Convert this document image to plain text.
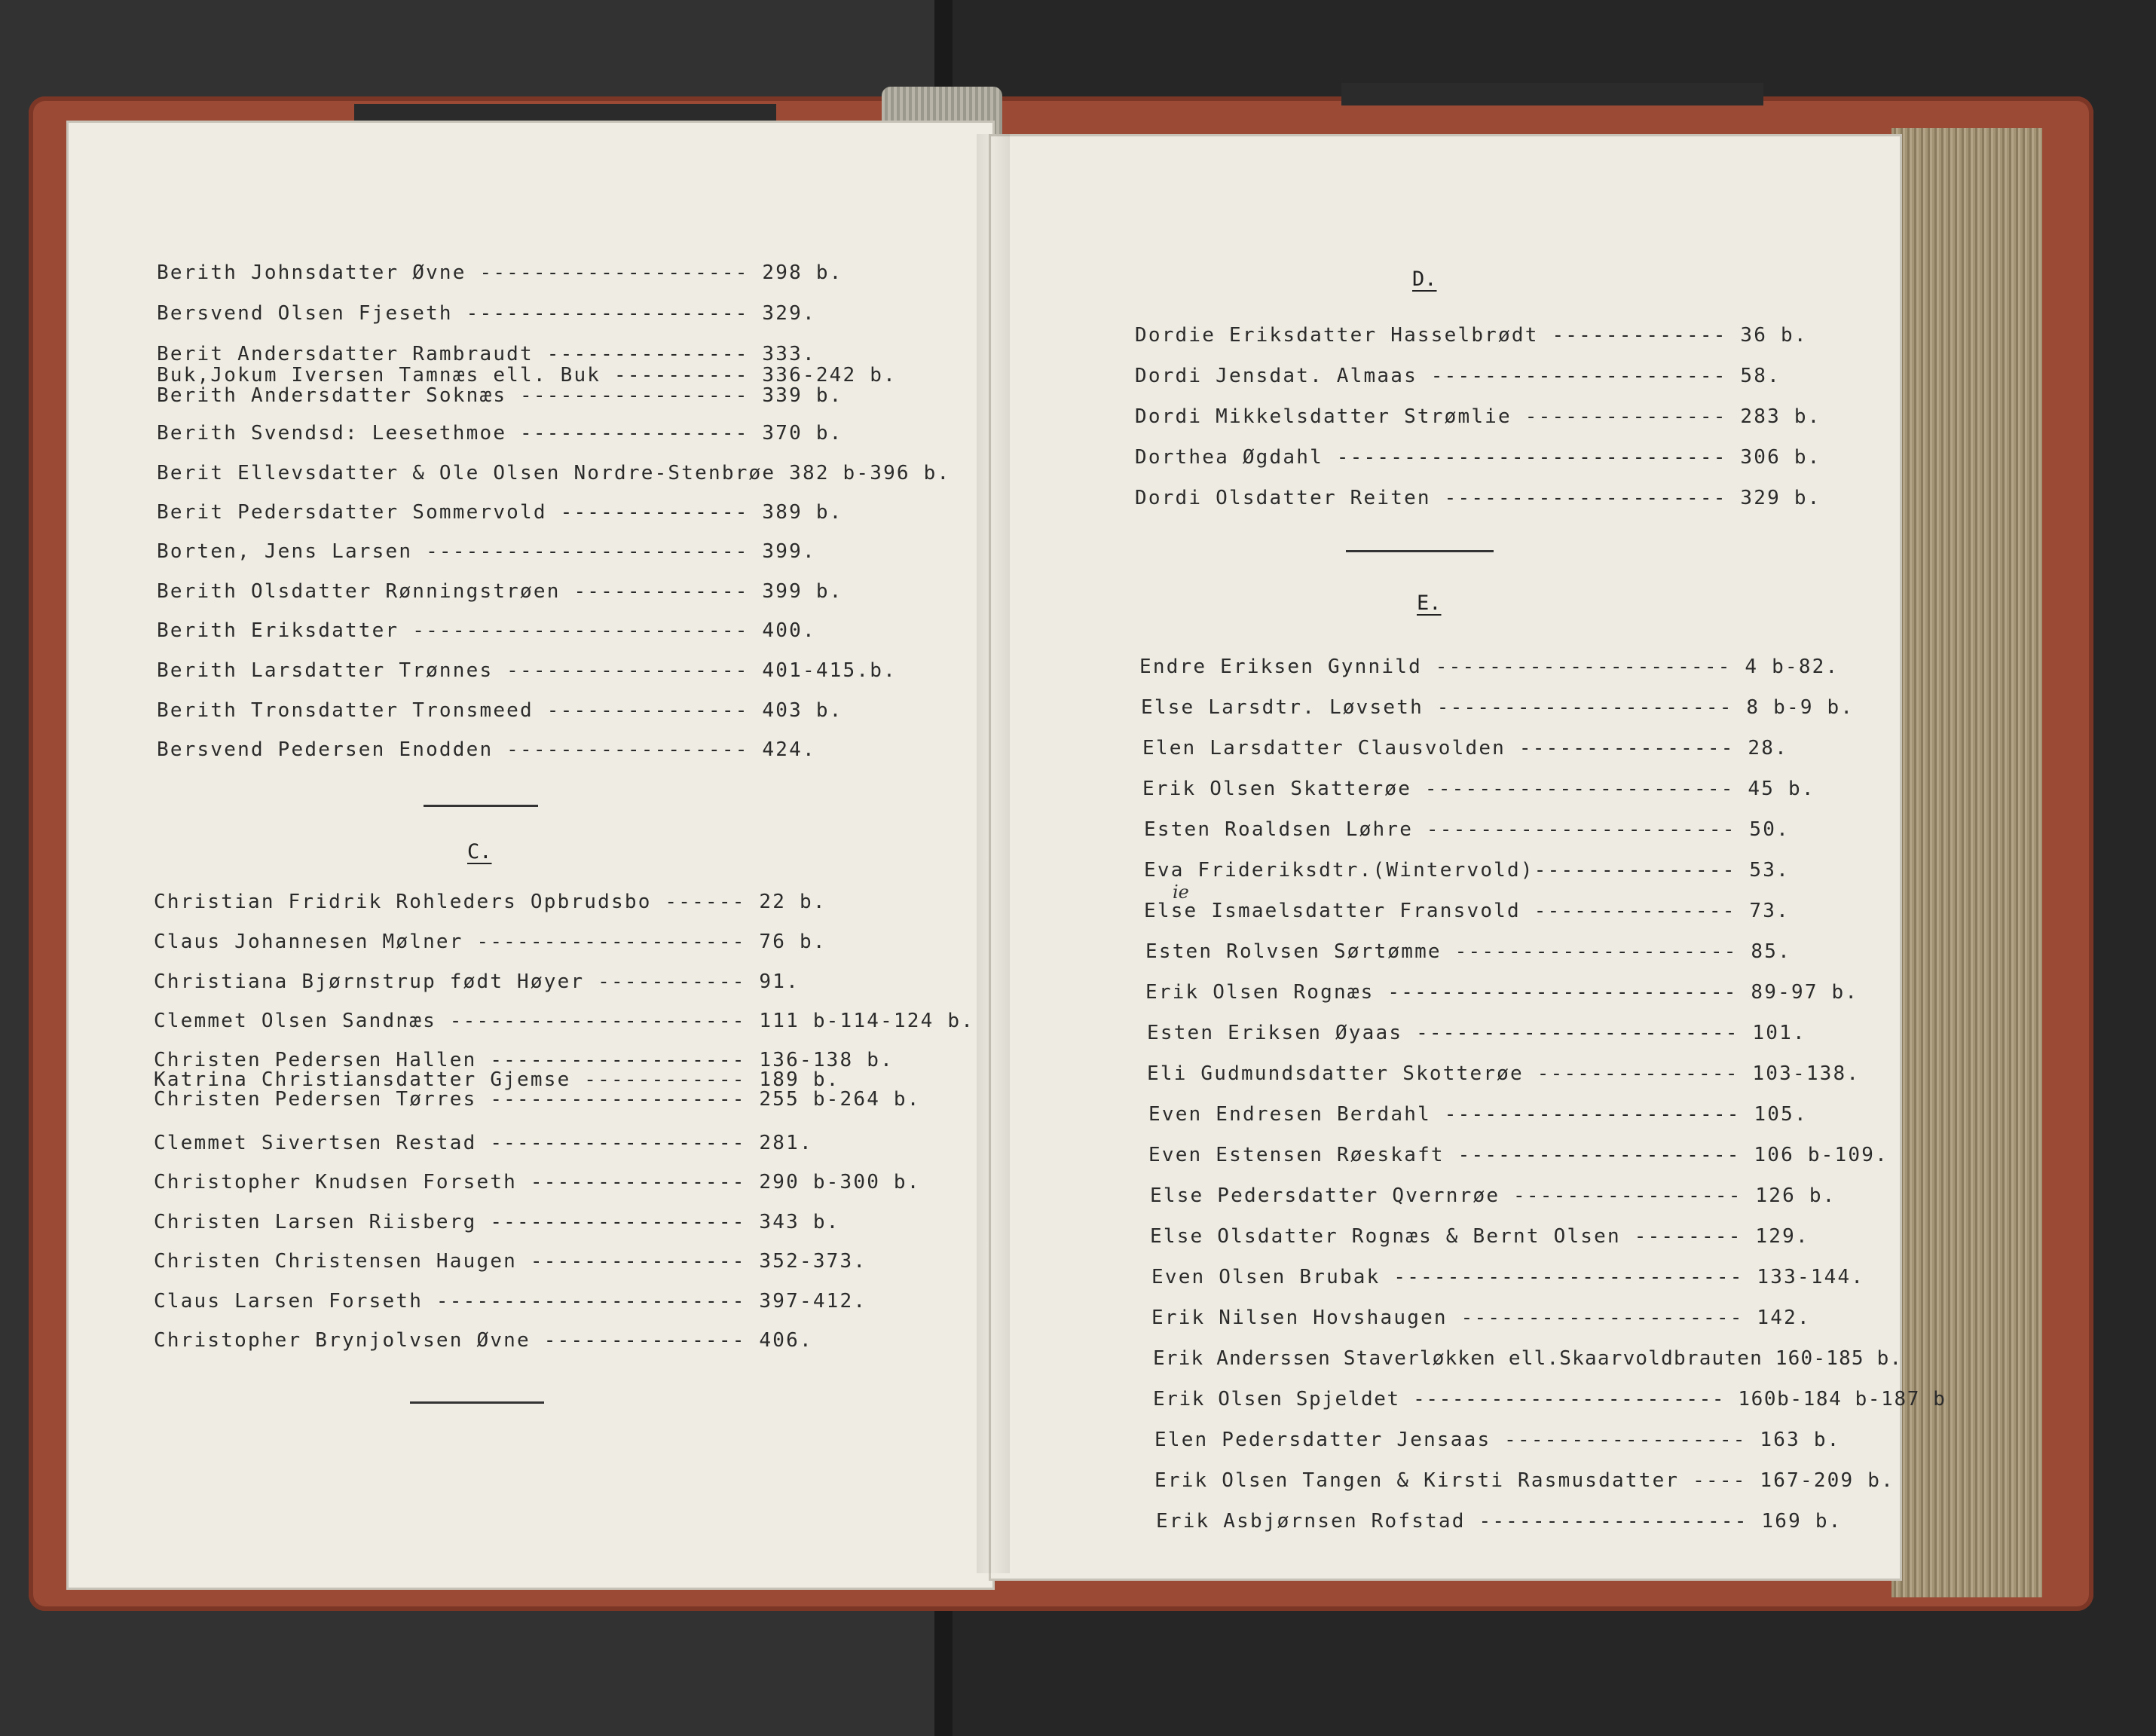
Berith Johnsdatter Øvne -------------------- 298 b.
Bersvend Olsen Fjeseth --------------------- 329.
Berit Andersdatter Rambraudt --------------- 333.
Buk,Jokum Iversen Tamnæs ell. Buk ---------- 336-242 b.
Berith Andersdatter Soknæs ----------------- 339 b.
Berith Svendsd: Leesethmoe ----------------- 370 b.
Berit Ellevsdatter & Ole Olsen Nordre-Stenbrøe 382 b-396 b.
Berit Pedersdatter Sommervold -------------- 389 b.
Borten, Jens Larsen ------------------------ 399.
Berith Olsdatter Rønningstrøen ------------- 399 b.
Berith Eriksdatter ------------------------- 400.
Berith Larsdatter Trønnes ------------------ 401-415.b.
Berith Tronsdatter Tronsmeed --------------- 403 b.
Bersvend Pedersen Enodden ------------------ 424.
C.
Christian Fridrik Rohleders Opbrudsbo ------ 22 b.
Claus Johannesen Mølner -------------------- 76 b.
Christiana Bjørnstrup født Høyer ----------- 91.
Clemmet Olsen Sandnæs ---------------------- 111 b-114-124 b.
Christen Pedersen Hallen ------------------- 136-138 b.
Katrina Christiansdatter Gjemse ------------ 189 b.
Christen Pedersen Tørres ------------------- 255 b-264 b.
Clemmet Sivertsen Restad ------------------- 281.
Christopher Knudsen Forseth ---------------- 290 b-300 b.
Christen Larsen Riisberg ------------------- 343 b.
Christen Christensen Haugen ---------------- 352-373.
Claus Larsen Forseth ----------------------- 397-412.
Christopher Brynjolvsen Øvne --------------- 406.
D.
Dordie Eriksdatter Hasselbrødt ------------- 36 b.
Dordi Jensdat. Almaas ---------------------- 58.
Dordi Mikkelsdatter Strømlie --------------- 283 b.
Dorthea Øgdahl ----------------------------- 306 b.
Dordi Olsdatter Reiten --------------------- 329 b.
E.
Endre Eriksen Gynnild ---------------------- 4 b-82.
Else Larsdtr. Løvseth ---------------------- 8 b-9 b.
Elen Larsdatter Clausvolden ---------------- 28.
Erik Olsen Skatterøe ----------------------- 45 b.
Esten Roaldsen Løhre ----------------------- 50.
Eva Frideriksdtr.(Wintervold)--------------- 53.
ie
Else Ismaelsdatter Fransvold --------------- 73.
Esten Rolvsen Sørtømme --------------------- 85.
Erik Olsen Rognæs -------------------------- 89-97 b.
Esten Eriksen Øyaas ------------------------ 101.
Eli Gudmundsdatter Skotterøe --------------- 103-138.
Even Endresen Berdahl ---------------------- 105.
Even Estensen Røeskaft --------------------- 106 b-109.
Else Pedersdatter Qvernrøe ----------------- 126 b.
Else Olsdatter Rognæs & Bernt Olsen -------- 129.
Even Olsen Brubak -------------------------- 133-144.
Erik Nilsen Hovshaugen --------------------- 142.
Erik Anderssen Staverløkken ell.Skaarvoldbrauten 160-185 b.
Erik Olsen Spjeldet ------------------------ 160b-184 b-187 b
Elen Pedersdatter Jensaas ------------------ 163 b.
Erik Olsen Tangen & Kirsti Rasmusdatter ---- 167-209 b.
Erik Asbjørnsen Rofstad -------------------- 169 b.
